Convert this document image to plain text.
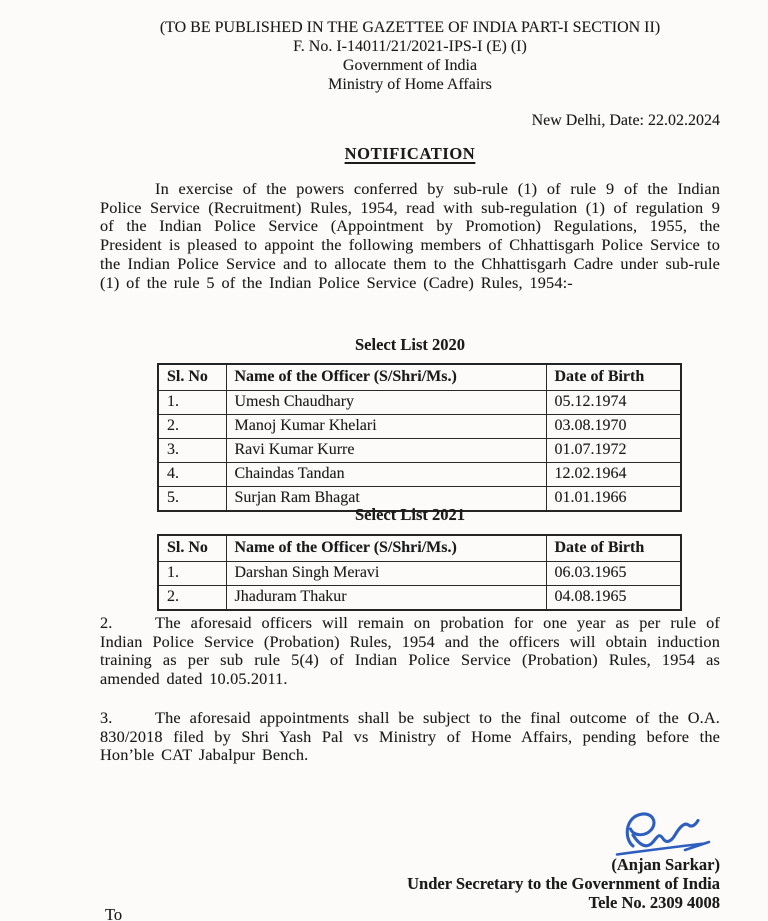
(TO BE PUBLISHED IN THE GAZETTEE OF INDIA PART-I SECTION II)
F. No. I-14011/21/2021-IPS-I (E) (I)
Government of India
Ministry of Home Affairs
New Delhi, Date: 22.02.2024
NOTIFICATION
In exercise of the powers conferred by sub-rule (1) of rule 9 of the Indian Police Service (Recruitment) Rules, 1954, read with sub-regulation (1) of regulation 9 of the Indian Police Service (Appointment by Promotion) Regulations, 1955, the President is pleased to appoint the following members of Chhattisgarh Police Service to the Indian Police Service and to allocate them to the Chhattisgarh Cadre under sub-rule (1) of the rule 5 of the Indian Police Service (Cadre) Rules, 1954:-
Select List 2020
Sl. No	Name of the Officer (S/Shri/Ms.)	Date of Birth
1.	Umesh Chaudhary	05.12.1974
2.	Manoj Kumar Khelari	03.08.1970
3.	Ravi Kumar Kurre	01.07.1972
4.	Chaindas Tandan	12.02.1964
5.	Surjan Ram Bhagat	01.01.1966
Select List 2021
Sl. No	Name of the Officer (S/Shri/Ms.)	Date of Birth
1.	Darshan Singh Meravi	06.03.1965
2.	Jhaduram Thakur	04.08.1965
2.	The aforesaid officers will remain on probation for one year as per rule of Indian Police Service (Probation) Rules, 1954 and the officers will obtain induction training as per sub rule 5(4) of Indian Police Service (Probation) Rules, 1954 as amended dated 10.05.2011.
3.	The aforesaid appointments shall be subject to the final outcome of the O.A. 830/2018 filed by Shri Yash Pal vs Ministry of Home Affairs, pending before the Hon’ble CAT Jabalpur Bench.
(Anjan Sarkar)
Under Secretary to the Government of India
Tele No. 2309 4008
To
